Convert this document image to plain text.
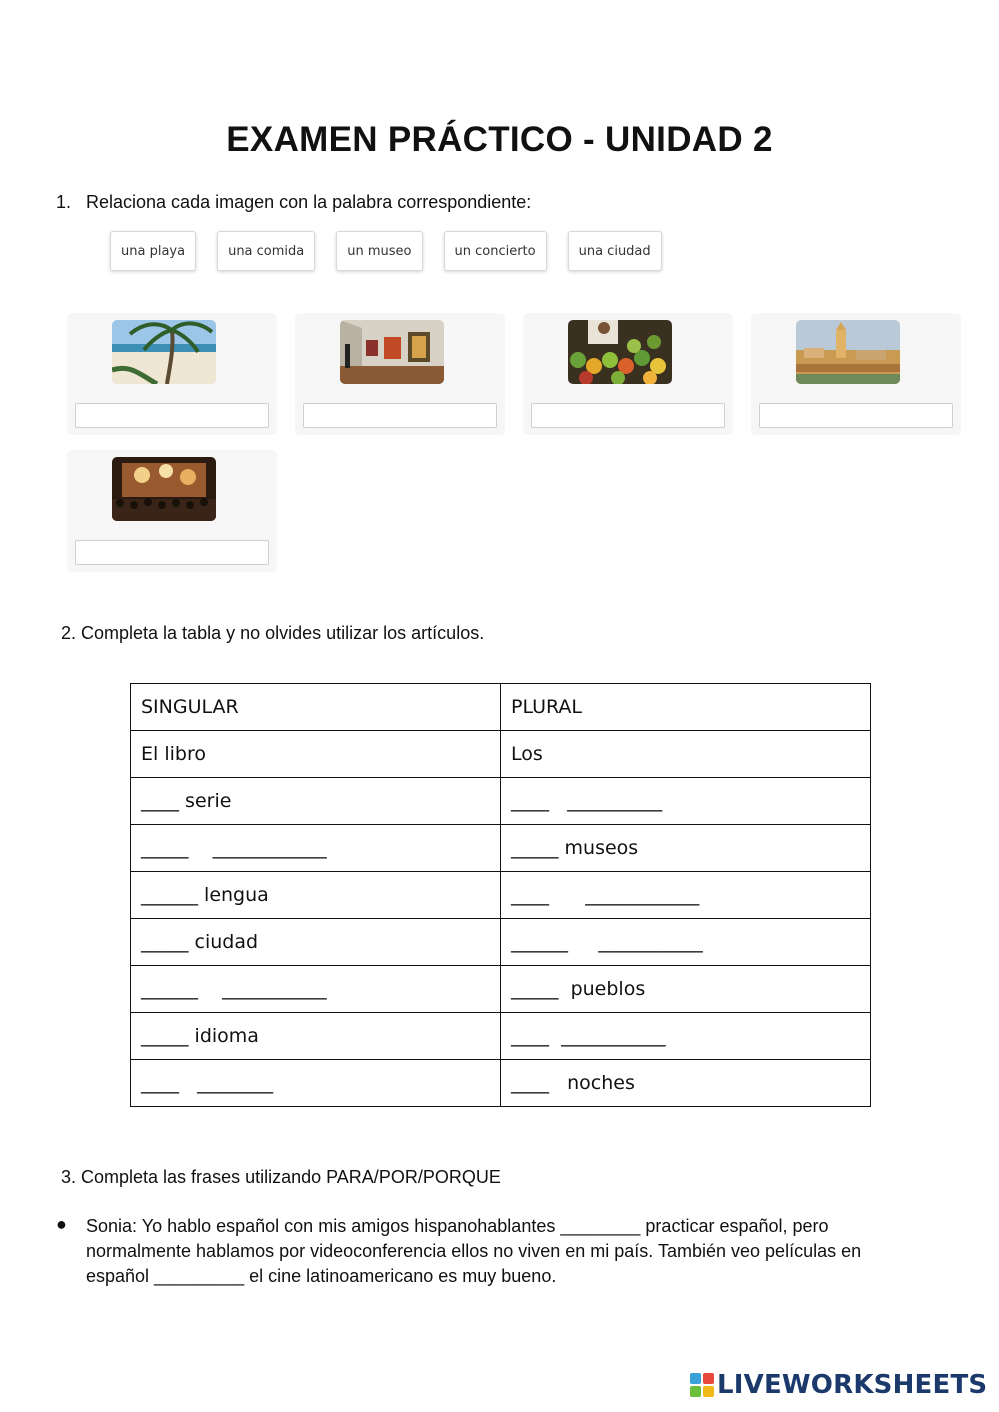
EXAMEN PRÁCTICO - UNIDAD 2
1. Relaciona cada imagen con la palabra correspondiente:
una playa	una comida	un museo	un concierto	una ciudad
2. Completa la tabla y no olvides utilizar los artículos.
SINGULAR	PLURAL
El libro	Los
____ serie	____   __________
_____    ____________	_____ museos
______ lengua	____      ____________
_____ ciudad	______     ___________
______    ___________	_____  pueblos
_____ idioma	____  ___________
____   ________	____   noches
3. Completa las frases utilizando PARA/POR/PORQUE
● Sonia: Yo hablo español con mis amigos hispanohablantes ________ practicar español, pero normalmente hablamos por videoconferencia ellos no viven en mi país. También veo películas en español _________ el cine latinoamericano es muy bueno.
LIVEWORKSHEETS
